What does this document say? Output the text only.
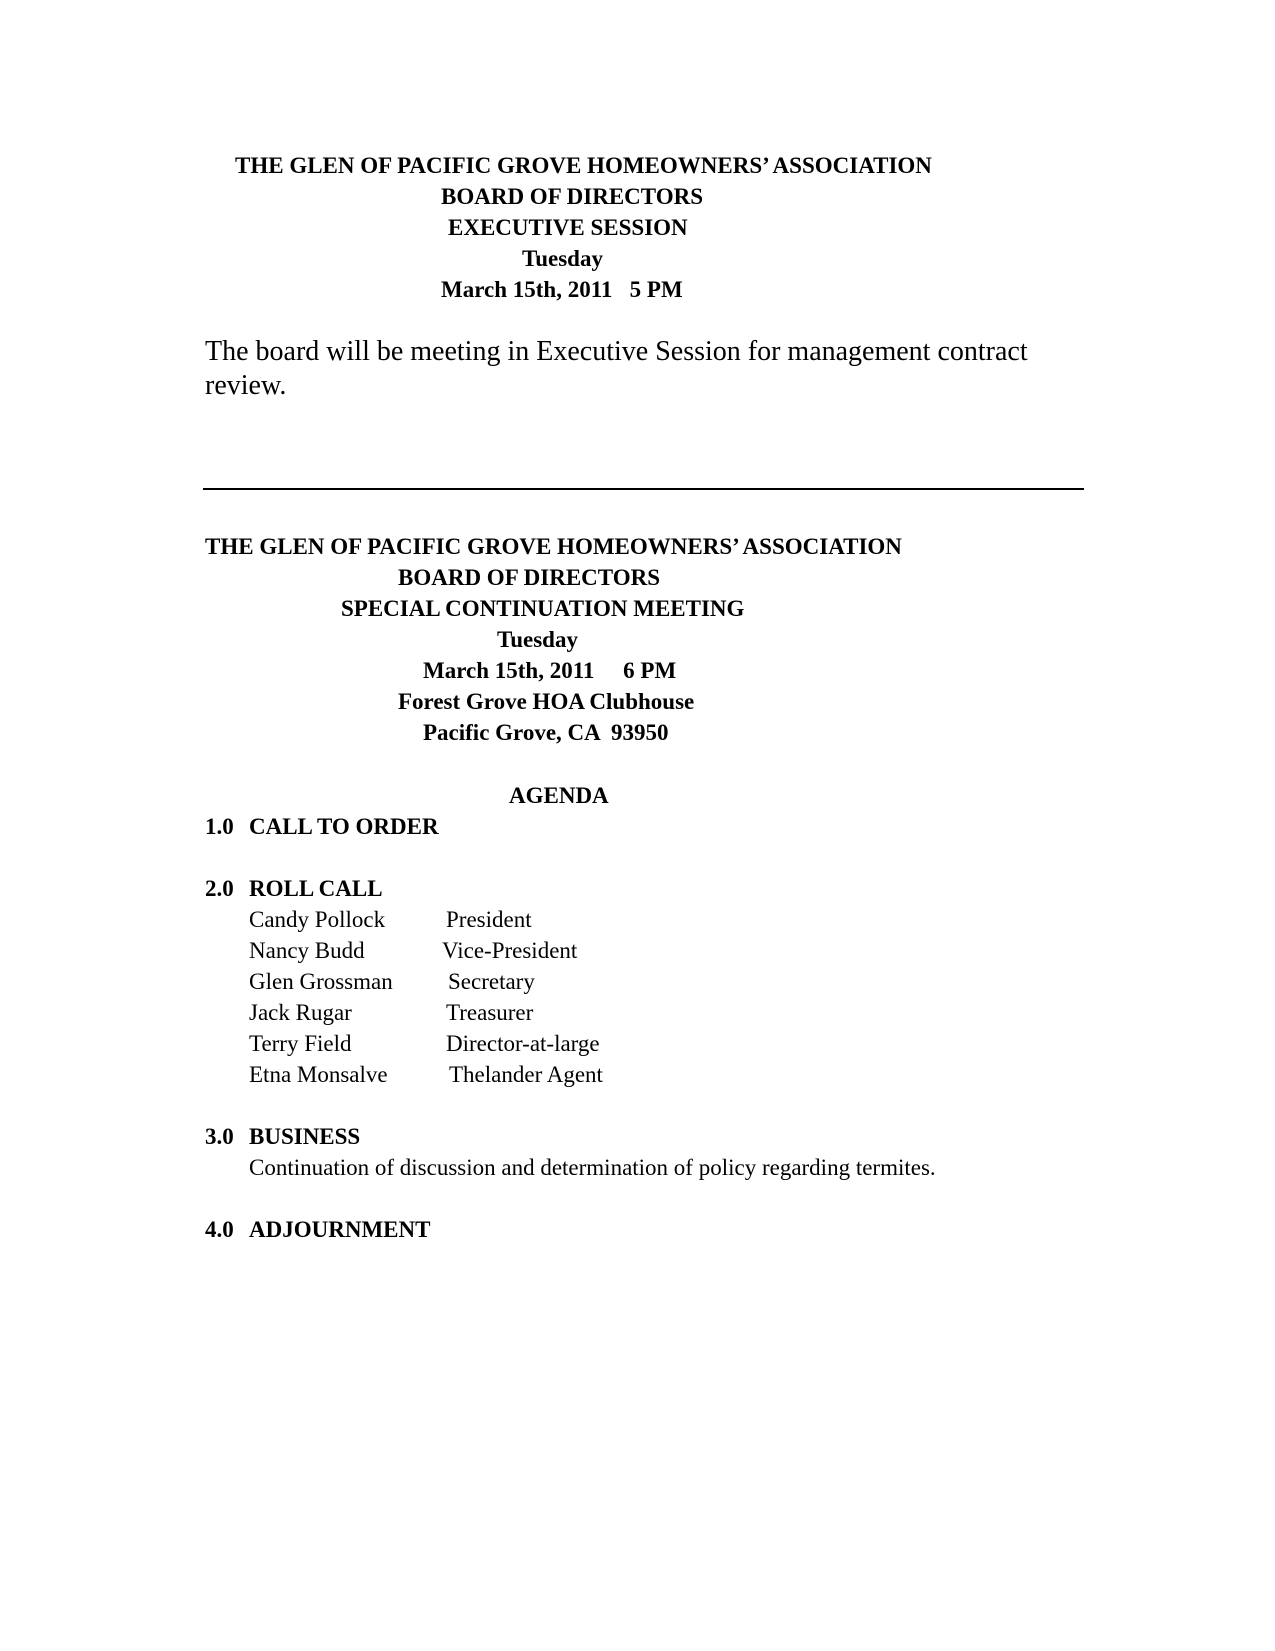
THE GLEN OF PACIFIC GROVE HOMEOWNERS’ ASSOCIATION
BOARD OF DIRECTORS
EXECUTIVE SESSION
Tuesday
March 15th, 2011   5 PM
The board will be meeting in Executive Session for management contract
review.
THE GLEN OF PACIFIC GROVE HOMEOWNERS’ ASSOCIATION
BOARD OF DIRECTORS
SPECIAL CONTINUATION MEETING
Tuesday
March 15th, 2011     6 PM
Forest Grove HOA Clubhouse
Pacific Grove, CA  93950
AGENDA
1.0 CALL TO ORDER
2.0 ROLL CALL
Candy Pollock	President
Nancy Budd	Vice-President
Glen Grossman Secretary
Jack Rugar	Treasurer
Terry Field	Director-at-large
Etna Monsalve	Thelander Agent
3.0 BUSINESS
Continuation of discussion and determination of policy regarding termites.
4.0 ADJOURNMENT
